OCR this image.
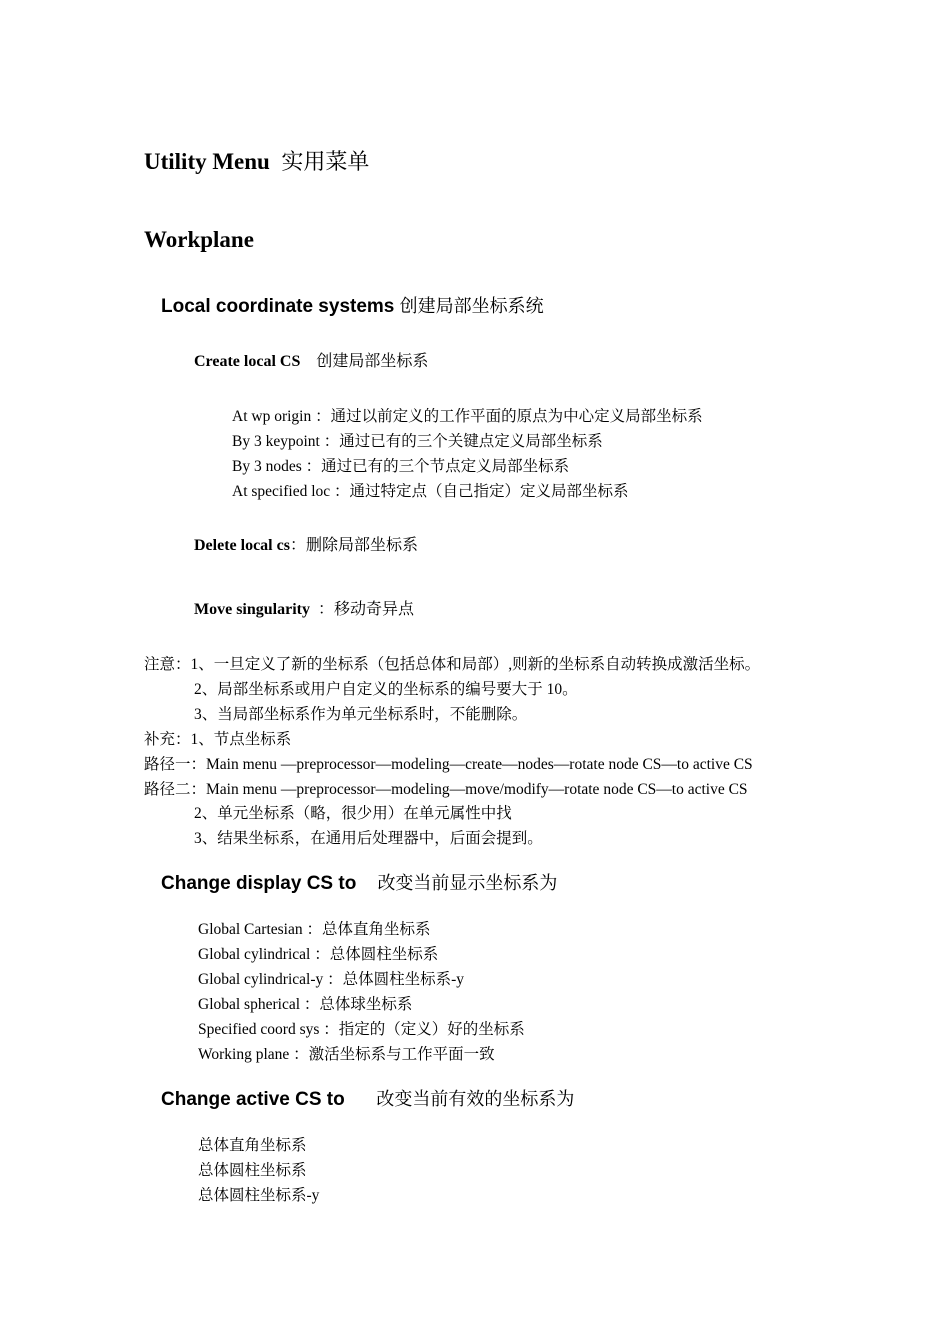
Utility Menu 实用菜单
Workplane
Local coordinate systems 创建局部坐标系统
Create local CS 创建局部坐标系
At wp origin ：通过以前定义的工作平面的原点为中心定义局部坐标系
By 3 keypoint ：通过已有的三个关键点定义局部坐标系
By 3 nodes ：通过已有的三个节点定义局部坐标系
At specified loc ：通过特定点（自己指定）定义局部坐标系
Delete local cs：删除局部坐标系
Move singularity ：移动奇异点
注意：1、一旦定义了新的坐标系（包括总体和局部）,则新的坐标系自动转换成激活坐标。
2、局部坐标系或用户自定义的坐标系的编号要大于 10。
3、当局部坐标系作为单元坐标系时，不能删除。
补充：1、节点坐标系
路径一：Main menu —preprocessor—modeling—create—nodes—rotate node CS—to active CS
路径二：Main menu —preprocessor—modeling—move/modify—rotate node CS—to active CS
2、单元坐标系（略，很少用）在单元属性中找
3、结果坐标系，在通用后处理器中，后面会提到。
Change display CS to 改变当前显示坐标系为
Global Cartesian ：总体直角坐标系
Global cylindrical ：总体圆柱坐标系
Global cylindrical-y ：总体圆柱坐标系-y
Global spherical ：总体球坐标系
Specified coord sys ：指定的（定义）好的坐标系
Working plane ：激活坐标系与工作平面一致
Change active CS to 改变当前有效的坐标系为
总体直角坐标系
总体圆柱坐标系
总体圆柱坐标系-y
